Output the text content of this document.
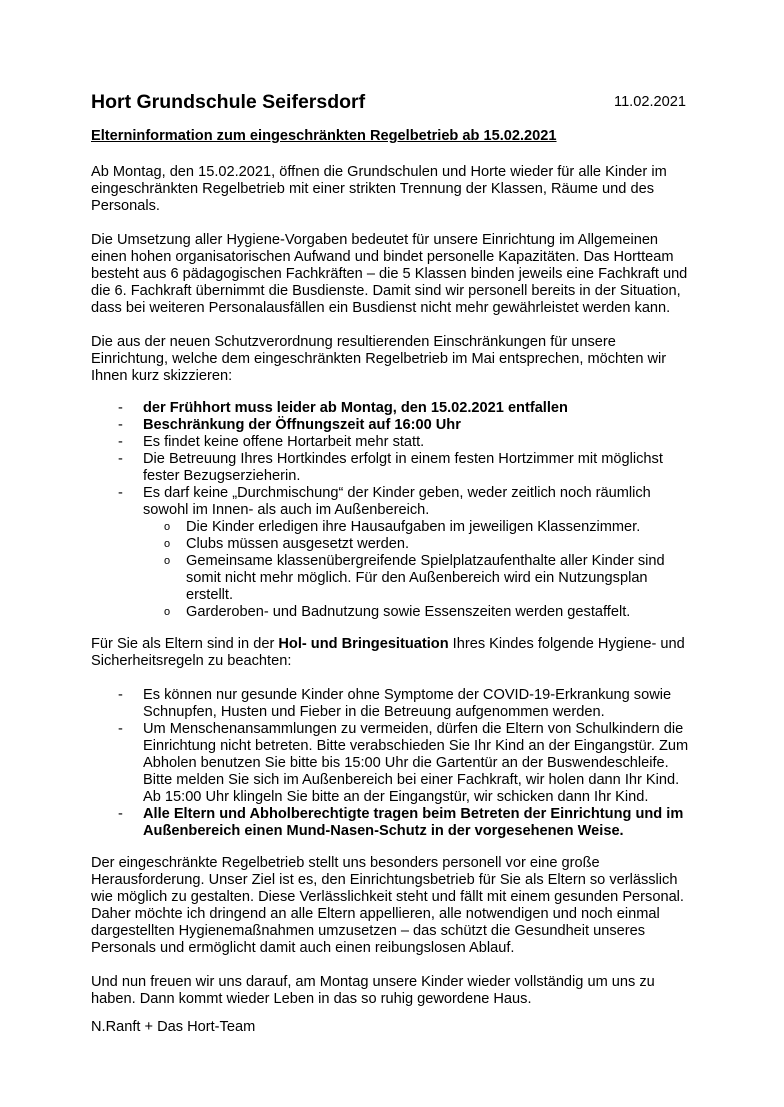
Hort Grundschule Seifersdorf	11.02.2021
Elterninformation zum eingeschränkten Regelbetrieb ab 15.02.2021
Ab Montag, den 15.02.2021, öffnen die Grundschulen und Horte wieder für alle Kinder im
eingeschränkten Regelbetrieb mit einer strikten Trennung der Klassen, Räume und des
Personals.
Die Umsetzung aller Hygiene-Vorgaben bedeutet für unsere Einrichtung im Allgemeinen
einen hohen organisatorischen Aufwand und bindet personelle Kapazitäten. Das Hortteam
besteht aus 6 pädagogischen Fachkräften – die 5 Klassen binden jeweils eine Fachkraft und
die 6. Fachkraft übernimmt die Busdienste. Damit sind wir personell bereits in der Situation,
dass bei weiteren Personalausfällen ein Busdienst nicht mehr gewährleistet werden kann.
Die aus der neuen Schutzverordnung resultierenden Einschränkungen für unsere
Einrichtung, welche dem eingeschränkten Regelbetrieb im Mai entsprechen, möchten wir
Ihnen kurz skizzieren:
- der Frühhort muss leider ab Montag, den 15.02.2021 entfallen
- Beschränkung der Öffnungszeit auf 16:00 Uhr
- Es findet keine offene Hortarbeit mehr statt.
- Die Betreuung Ihres Hortkindes erfolgt in einem festen Hortzimmer mit möglichst
fester Bezugserzieherin.
- Es darf keine „Durchmischung“ der Kinder geben, weder zeitlich noch räumlich
sowohl im Innen- als auch im Außenbereich.
o Die Kinder erledigen ihre Hausaufgaben im jeweiligen Klassenzimmer.
o Clubs müssen ausgesetzt werden.
o Gemeinsame klassenübergreifende Spielplatzaufenthalte aller Kinder sind
somit nicht mehr möglich. Für den Außenbereich wird ein Nutzungsplan
erstellt.
o Garderoben- und Badnutzung sowie Essenszeiten werden gestaffelt.
Für Sie als Eltern sind in der Hol- und Bringesituation Ihres Kindes folgende Hygiene- und
Sicherheitsregeln zu beachten:
- Es können nur gesunde Kinder ohne Symptome der COVID-19-Erkrankung sowie
Schnupfen, Husten und Fieber in die Betreuung aufgenommen werden.
- Um Menschenansammlungen zu vermeiden, dürfen die Eltern von Schulkindern die
Einrichtung nicht betreten. Bitte verabschieden Sie Ihr Kind an der Eingangstür. Zum
Abholen benutzen Sie bitte bis 15:00 Uhr die Gartentür an der Buswendeschleife.
Bitte melden Sie sich im Außenbereich bei einer Fachkraft, wir holen dann Ihr Kind.
Ab 15:00 Uhr klingeln Sie bitte an der Eingangstür, wir schicken dann Ihr Kind.
- Alle Eltern und Abholberechtigte tragen beim Betreten der Einrichtung und im
Außenbereich einen Mund-Nasen-Schutz in der vorgesehenen Weise.
Der eingeschränkte Regelbetrieb stellt uns besonders personell vor eine große
Herausforderung. Unser Ziel ist es, den Einrichtungsbetrieb für Sie als Eltern so verlässlich
wie möglich zu gestalten. Diese Verlässlichkeit steht und fällt mit einem gesunden Personal.
Daher möchte ich dringend an alle Eltern appellieren, alle notwendigen und noch einmal
dargestellten Hygienemaßnahmen umzusetzen – das schützt die Gesundheit unseres
Personals und ermöglicht damit auch einen reibungslosen Ablauf.
Und nun freuen wir uns darauf, am Montag unsere Kinder wieder vollständig um uns zu
haben. Dann kommt wieder Leben in das so ruhig gewordene Haus.
N.Ranft + Das Hort-Team
